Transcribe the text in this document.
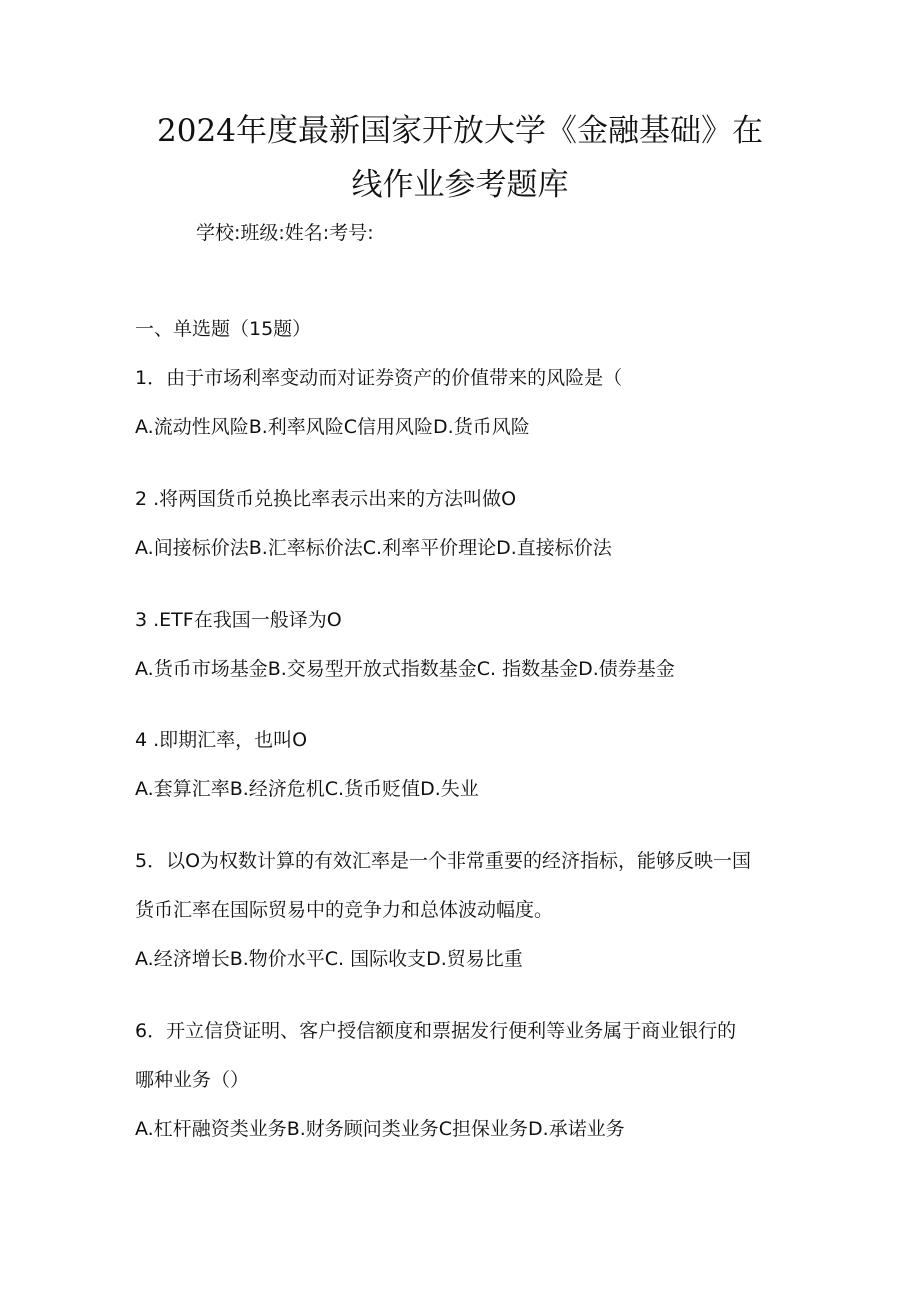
2024年度最新国家开放大学《金融基础》在
线作业参考题库
学校:班级:姓名:考号:
一、单选题（15题）
1．由于市场利率变动而对证券资产的价值带来的风险是（
A.流动性风险B.利率风险C信用风险D.货币风险
2 .将两国货币兑换比率表示出来的方法叫做O
A.间接标价法B.汇率标价法C.利率平价理论D.直接标价法
3 .ETF在我国一般译为O
A.货币市场基金B.交易型开放式指数基金C. 指数基金D.债券基金
4 .即期汇率，也叫O
A.套算汇率B.经济危机C.货币贬值D.失业
5．以O为权数计算的有效汇率是一个非常重要的经济指标，能够反映一国
货币汇率在国际贸易中的竞争力和总体波动幅度。
A.经济增长B.物价水平C. 国际收支D.贸易比重
6．开立信贷证明、客户授信额度和票据发行便利等业务属于商业银行的
哪种业务（）
A.杠杆融资类业务B.财务顾问类业务C担保业务D.承诺业务
